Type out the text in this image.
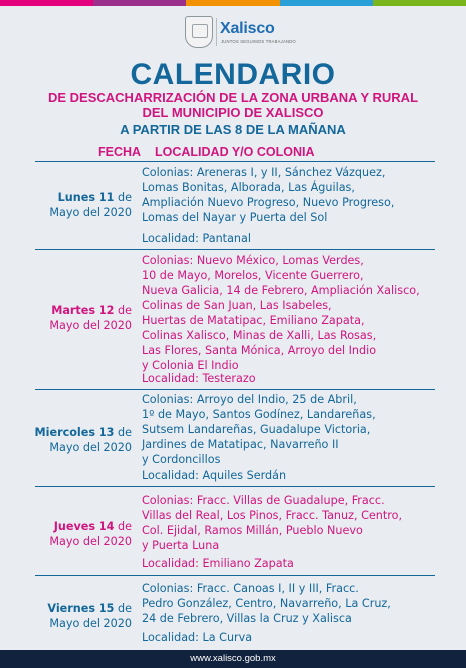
Xalisco
JUNTOS SEGUIMOS TRABAJANDO
CALENDARIO
DE DESCACHARRIZACIÓN DE LA ZONA URBANA Y RURAL
DEL MUNICIPIO DE XALISCO
A PARTIR DE LAS 8 DE LA MAÑANA
FECHA LOCALIDAD Y/O COLONIA
Lunes 11 de
Mayo del 2020
Colonias: Areneras I, y II, Sánchez Vázquez,
Lomas Bonitas, Alborada, Las Águilas,
Ampliación Nuevo Progreso, Nuevo Progreso,
Lomas del Nayar y Puerta del Sol
Localidad: Pantanal
Martes 12 de
Mayo del 2020
Colonias: Nuevo México, Lomas Verdes,
10 de Mayo, Morelos, Vicente Guerrero,
Nueva Galicia, 14 de Febrero, Ampliación Xalisco,
Colinas de San Juan, Las Isabeles,
Huertas de Matatipac, Emiliano Zapata,
Colinas Xalisco, Minas de Xalli, Las Rosas,
Las Flores, Santa Mónica, Arroyo del Indio
y Colonia El Indio
Localidad: Testerazo
Miercoles 13 de
Mayo del 2020
Colonias: Arroyo del Indio, 25 de Abril,
1º de Mayo, Santos Godínez, Landareñas,
Sutsem Landareñas, Guadalupe Victoria,
Jardines de Matatipac, Navarreño II
y Cordoncillos
Localidad: Aquiles Serdán
Jueves 14 de
Mayo del 2020
Colonias: Fracc. Villas de Guadalupe, Fracc.
Villas del Real, Los Pinos, Fracc. Tanuz, Centro,
Col. Ejidal, Ramos Millán, Pueblo Nuevo
y Puerta Luna
Localidad: Emiliano Zapata
Viernes 15 de
Mayo del 2020
Colonias: Fracc. Canoas I, II y III, Fracc.
Pedro González, Centro, Navarreño, La Cruz,
24 de Febrero, Villas la Cruz y Xalisca
Localidad: La Curva
www.xalisco.gob.mx
